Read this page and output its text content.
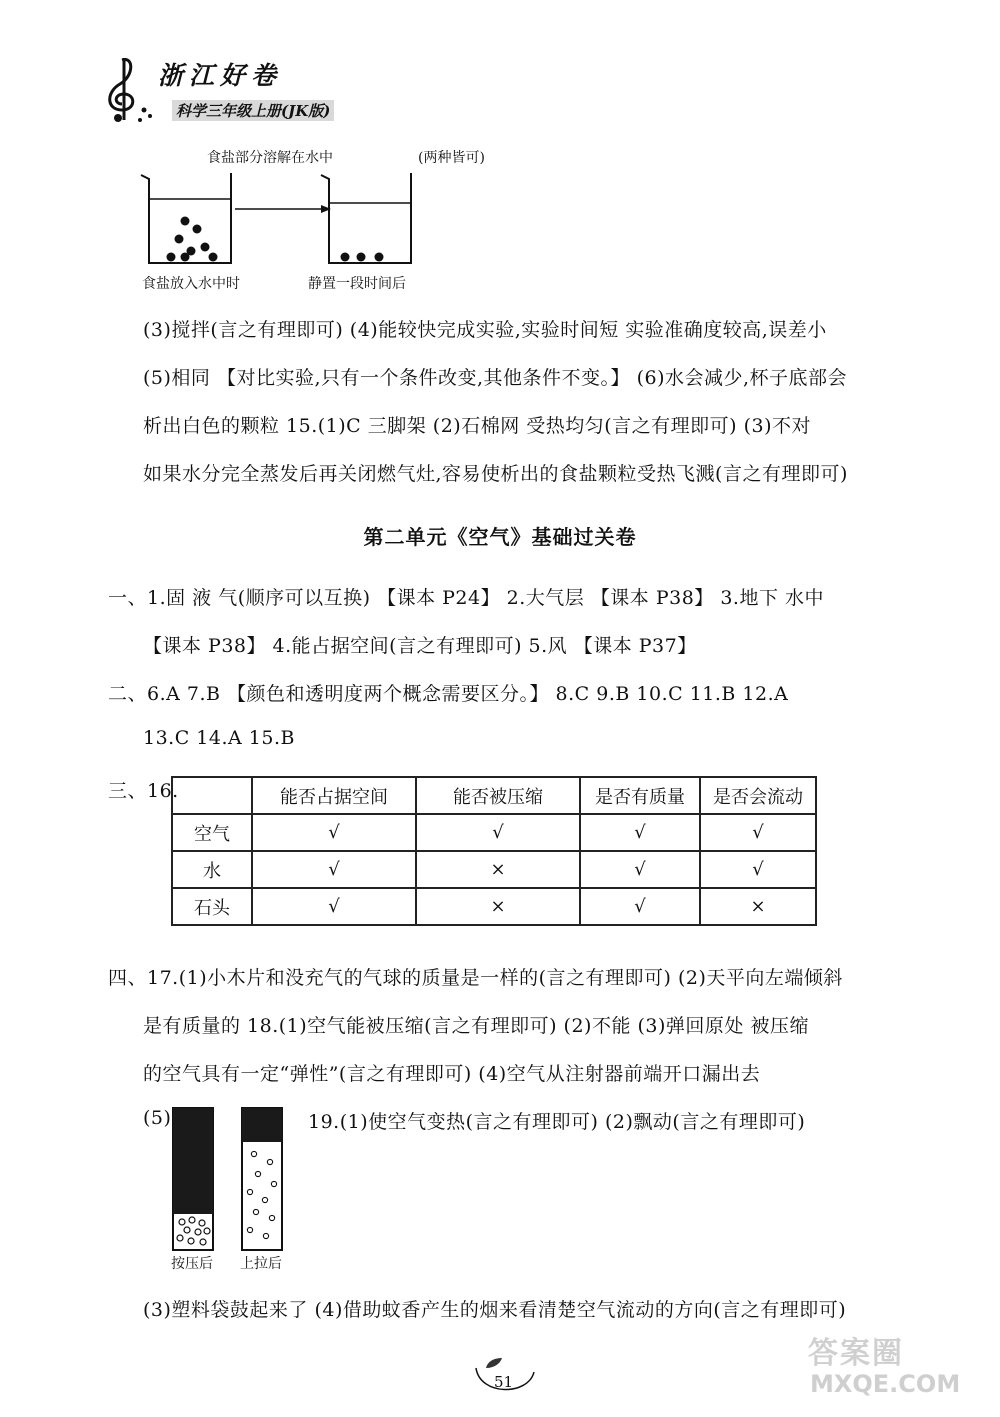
浙江好卷
科学三年级上册(JK版)
食盐部分溶解在水中	(两种皆可)
食盐放入水中时	静置一段时间后
(3)搅拌(言之有理即可) (4)能较快完成实验,实验时间短 实验准确度较高,误差小
(5)相同 【对比实验,只有一个条件改变,其他条件不变。】 (6)水会减少,杯子底部会
析出白色的颗粒 15.(1)C 三脚架 (2)石棉网 受热均匀(言之有理即可) (3)不对
如果水分完全蒸发后再关闭燃气灶,容易使析出的食盐颗粒受热飞溅(言之有理即可)
第二单元《空气》基础过关卷
一、1.固 液 气(顺序可以互换) 【课本 P24】 2.大气层 【课本 P38】 3.地下 水中
【课本 P38】 4.能占据空间(言之有理即可) 5.风 【课本 P37】
二、6.A 7.B 【颜色和透明度两个概念需要区分。】 8.C 9.B 10.C 11.B 12.A
13.C 14.A 15.B
三、16.
		能否占据空间	能否被压缩	是否有质量	是否会流动
空气	√	√	√	√
水	√	×	√	√
石头	√	×	√	×
四、17.(1)小木片和没充气的气球的质量是一样的(言之有理即可) (2)天平向左端倾斜
是有质量的 18.(1)空气能被压缩(言之有理即可) (2)不能 (3)弹回原处 被压缩
的空气具有一定“弹性”(言之有理即可) (4)空气从注射器前端开口漏出去
(5)
按压后 上拉后
19.(1)使空气变热(言之有理即可) (2)飘动(言之有理即可)
(3)塑料袋鼓起来了 (4)借助蚊香产生的烟来看清楚空气流动的方向(言之有理即可)
51
答案圈
MXQE.COM
